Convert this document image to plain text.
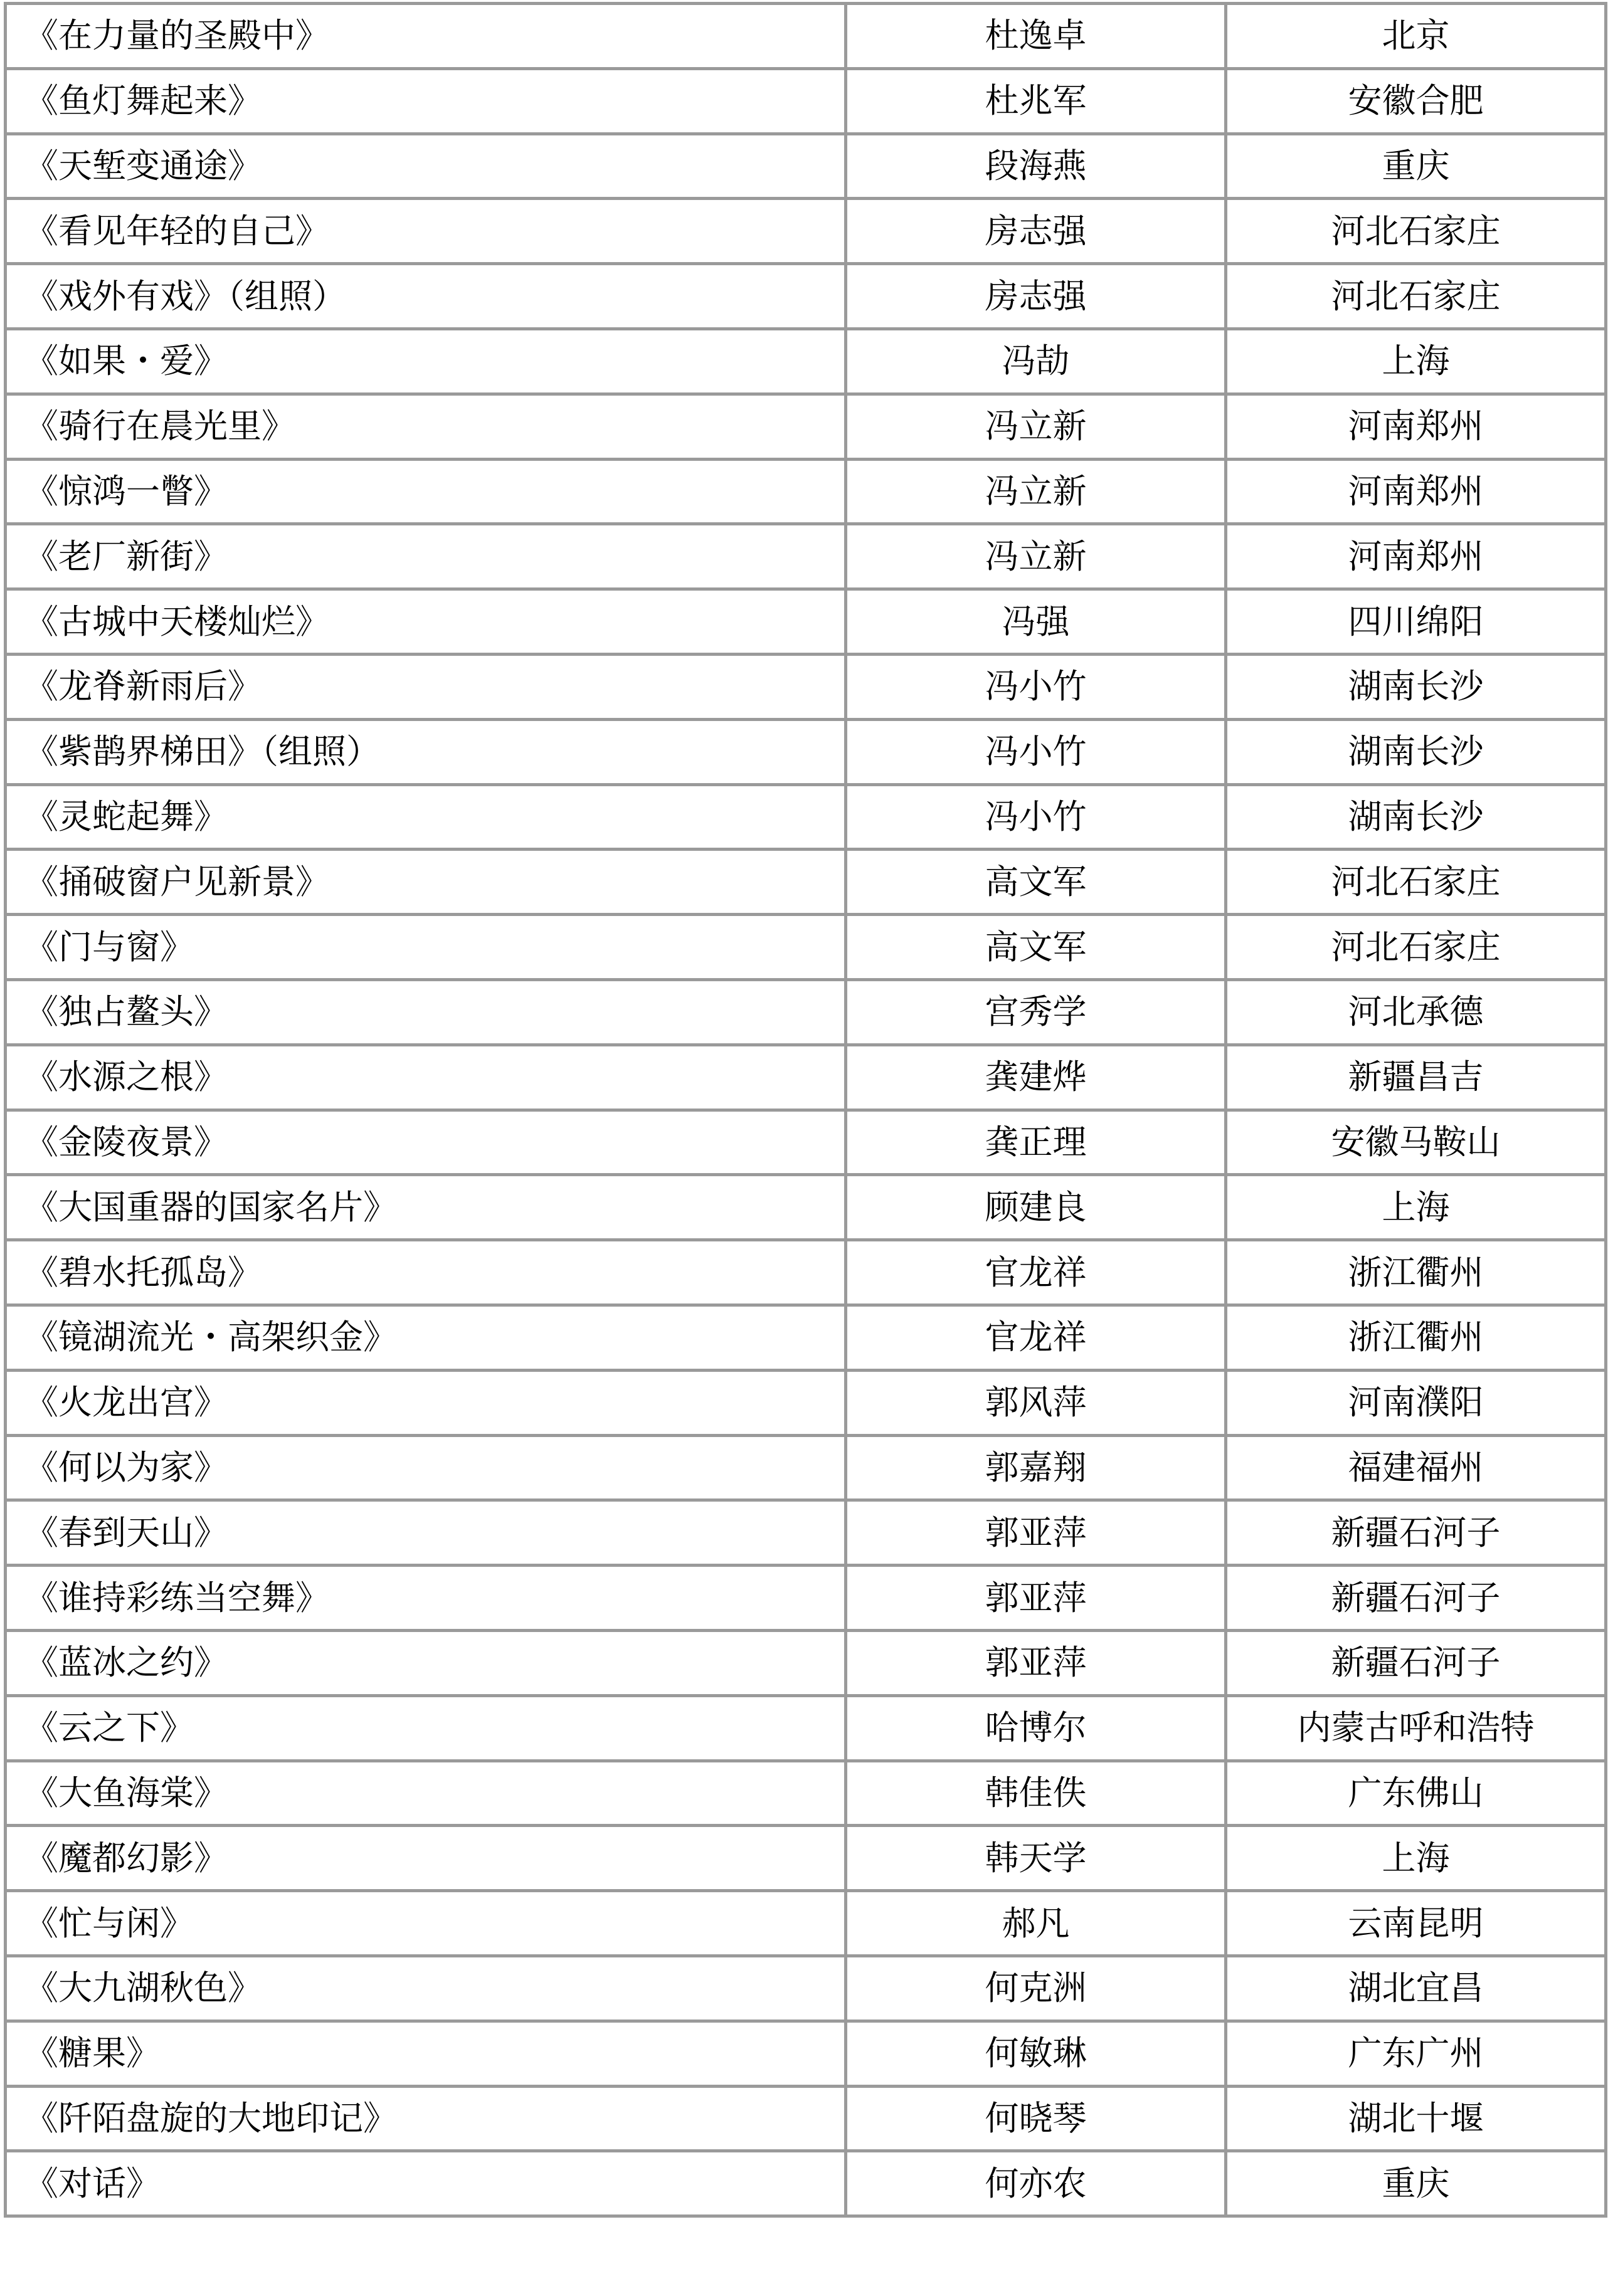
《在力量的圣殿中》	杜逸卓	北京
《鱼灯舞起来》	杜兆军	安徽合肥
《天堑变通途》	段海燕	重庆
《看见年轻的自己》	房志强	河北石家庄
《戏外有戏》（组照）	房志强	河北石家庄
《如果・爱》	冯劼	上海
《骑行在晨光里》	冯立新	河南郑州
《惊鸿一瞥》	冯立新	河南郑州
《老厂新街》	冯立新	河南郑州
《古城中天楼灿烂》	冯强	四川绵阳
《龙脊新雨后》	冯小竹	湖南长沙
《紫鹊界梯田》（组照）	冯小竹	湖南长沙
《灵蛇起舞》	冯小竹	湖南长沙
《捅破窗户见新景》	高文军	河北石家庄
《门与窗》	高文军	河北石家庄
《独占鳌头》	宫秀学	河北承德
《水源之根》	龚建烨	新疆昌吉
《金陵夜景》	龚正理	安徽马鞍山
《大国重器的国家名片》	顾建良	上海
《碧水托孤岛》	官龙祥	浙江衢州
《镜湖流光・高架织金》	官龙祥	浙江衢州
《火龙出宫》	郭风萍	河南濮阳
《何以为家》	郭嘉翔	福建福州
《春到天山》	郭亚萍	新疆石河子
《谁持彩练当空舞》	郭亚萍	新疆石河子
《蓝冰之约》	郭亚萍	新疆石河子
《云之下》	哈博尔	内蒙古呼和浩特
《大鱼海棠》	韩佳佚	广东佛山
《魔都幻影》	韩天学	上海
《忙与闲》	郝凡	云南昆明
《大九湖秋色》	何克洲	湖北宜昌
《糖果》	何敏琳	广东广州
《阡陌盘旋的大地印记》	何晓琴	湖北十堰
《对话》	何亦农	重庆
